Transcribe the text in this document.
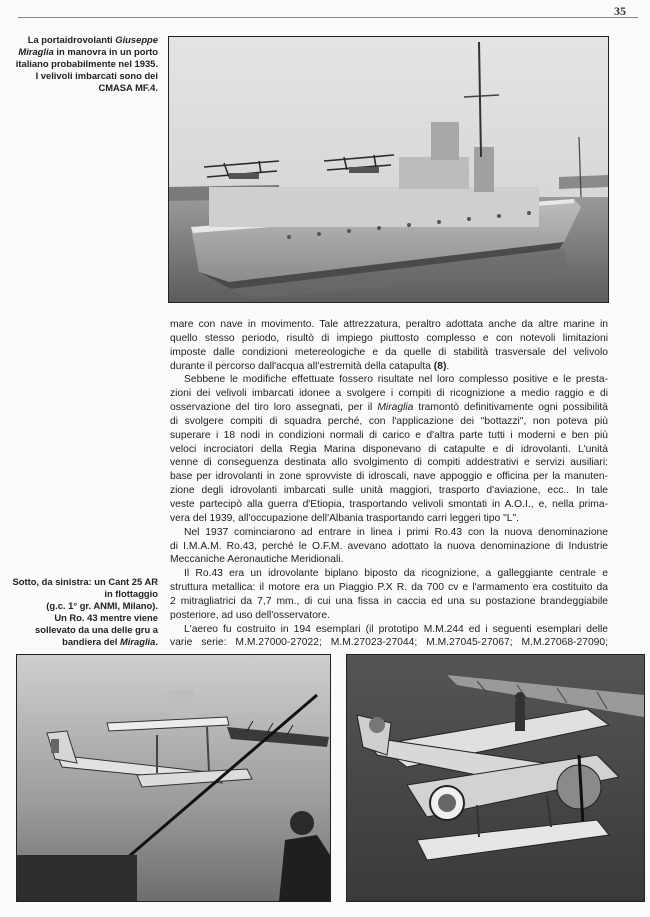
35
La portaidrovolanti Giuseppe
Miraglia in manovra in un porto
italiano probabilmente nel 1935.
I velivoli imbarcati sono dei
CMASA MF.4.
mare con nave in movimento. Tale attrezzatura, peraltro adottata anche da altre marine in
quello stesso periodo, risultò di impiego piuttosto complesso e con notevoli limitazioni
imposte dalle condizioni metereologiche e da quelle di stabilità trasversale del velivolo
durante il percorso dall'acqua all'estremità della catapulta (8).
Sebbene le modifiche effettuate fossero risultate nel loro complesso positive e le presta-
zioni dei velivoli imbarcati idonee a svolgere i compiti di ricognizione a medio raggio e di
osservazione del tiro loro assegnati, per il Miraglia tramontò definitivamente ogni possibilità
di svolgere compiti di squadra perché, con l'applicazione dei "bottazzi", non poteva più
superare i 18 nodi in condizioni normali di carico e d'altra parte tutti i moderni e ben più
veloci incrociatori della Regia Marina disponevano di catapulte e di idrovolanti. L'unità
venne di conseguenza destinata allo svolgimento di compiti addestrativi e servizi ausiliari:
base per idrovolanti in zone sprovviste di idroscali, nave appoggio e officina per la manuten-
zione degli idrovolanti imbarcati sulle unità maggiori, trasporto d'aviazione, ecc.. In tale
veste partecipò alla guerra d'Etiopia, trasportando velivoli smontati in A.O.I., e, nella prima-
vera del 1939, all'occupazione dell'Albania trasportando carri leggeri tipo "L".
Nel 1937 cominciarono ad entrare in linea i primi Ro.43 con la nuova denominazione
di I.M.A.M. Ro.43, perché le O.F.M. avevano adottato la nuova denominazione di Industrie
Meccaniche Aeronautiche Meridionali.
Il Ro.43 era un idrovolante biplano biposto da ricognizione, a galleggiante centrale e
struttura metallica: il motore era un Piaggio P.X R. da 700 cv e l'armamento era costituito da
2 mitragliatrici da 7,7 mm., di cui una fissa in caccia ed una su postazione brandeggiabile
posteriore, ad uso dell'osservatore.
L'aereo fu costruito in 194 esemplari (il prototipo M.M.244 ed i seguenti esemplari delle
varie serie: M.M.27000-27022; M.M.27023-27044; M.M.27045-27067; M.M.27068-27090;
Sotto, da sinistra: un Cant 25 AR
in flottaggio
(g.c. 1° gr. ANMI, Milano).
Un Ro. 43 mentre viene
sollevato da una delle gru a
bandiera del Miraglia.
